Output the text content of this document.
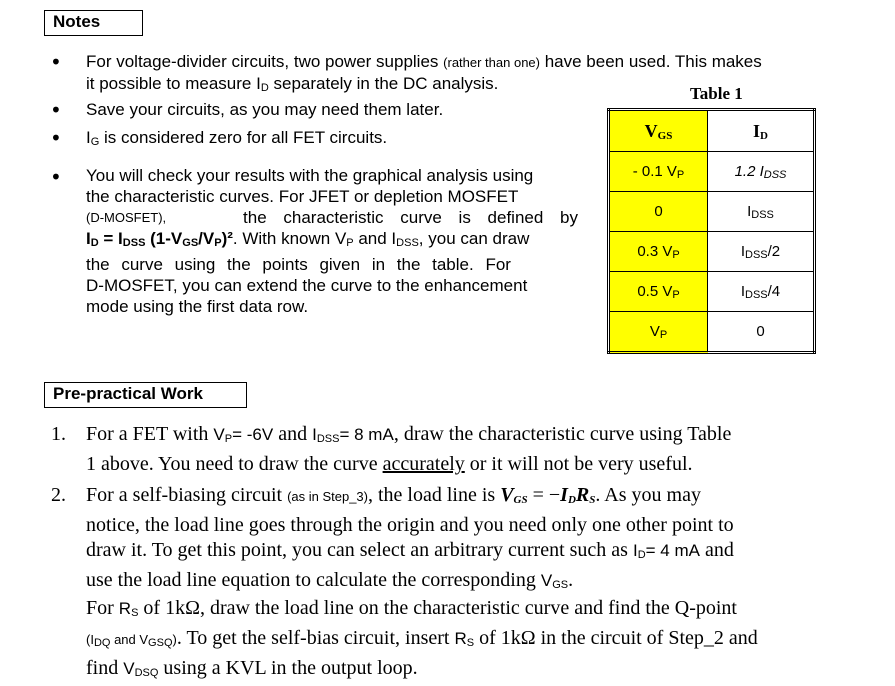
Notes
• For voltage-divider circuits, two power supplies (rather than one) have been used. This makes
it possible to measure $I_D$ separately in the DC analysis.
• Save your circuits, as you may need them later.
• $I_G$ is considered zero for all FET circuits.
• You will check your results with the graphical analysis using
the characteristic curves. For JFET or depletion MOSFET
(D-MOSFET),	the characteristic curve is defined by
$I_D = I_{DSS}$ $(1-V_{GS}/V_P)^2$. With known $V_P$ and $I_{DSS}$, you can draw
the curve using the points given in the table. For
D-MOSFET, you can extend the curve to the enhancement
mode using the first data row.
Table 1
$V_{GS}$	$I_D$
- 0.1 $V_P$	1.2 $I_{DSS}$
0	$I_{DSS}$
0.3 $V_P$	$I_{DSS}/2$
0.5 $V_P$	$I_{DSS}/4$
$V_P$	0
Pre-practical Work
1. For a FET with $V_P= -6V$ and $I_{DSS}= 8$ mA, draw the characteristic curve using Table
1 above. You need to draw the curve accurately or it will not be very useful.
2. For a self-biasing circuit (as in Step_3), the load line is $V_{GS} = -I_DR_S$. As you may
notice, the load line goes through the origin and you need only one other point to
draw it. To get this point, you can select an arbitrary current such as $I_D= 4$ mA and
use the load line equation to calculate the corresponding $V_{GS}$.
For $R_S$ of 1kΩ, draw the load line on the characteristic curve and find the Q-point
($I_{DQ}$ and $V_{GSQ}$). To get the self-bias circuit, insert $R_S$ of 1kΩ in the circuit of Step_2 and
find $V_{DSQ}$ using a KVL in the output loop.
